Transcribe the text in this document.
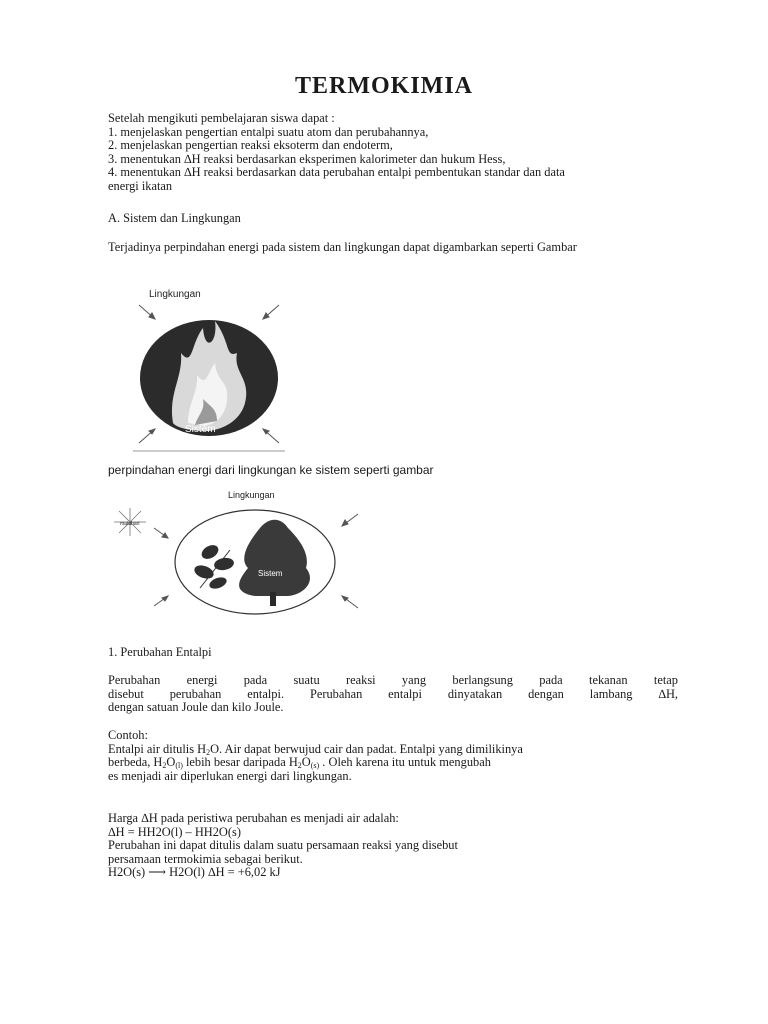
TERMOKIMIA
Setelah mengikuti pembelajaran siswa dapat :
1. menjelaskan pengertian entalpi suatu atom dan perubahannya,
2. menjelaskan pengertian reaksi eksoterm dan endoterm,
3. menentukan ∆H reaksi berdasarkan eksperimen kalorimeter dan hukum Hess,
4. menentukan ∆H reaksi berdasarkan data perubahan entalpi pembentukan standar dan data
energi ikatan
A. Sistem dan Lingkungan
Terjadinya perpindahan energi pada sistem dan lingkungan dapat digambarkan seperti Gambar
Lingkungan
Sistem
perpindahan energi dari lingkungan ke sistem seperti gambar
Lingkungan
matahari
Sistem
1. Perubahan Entalpi
Perubahan energi pada suatu reaksi yang berlangsung pada tekanan tetap
disebut perubahan entalpi. Perubahan entalpi dinyatakan dengan lambang ∆H,
dengan satuan Joule dan kilo Joule.
Contoh:
Entalpi air ditulis $H_2O$. Air dapat berwujud cair dan padat. Entalpi yang dimilikinya
berbeda, $H_2O_{(l)}$ lebih besar daripada $H_2O_{(s)}$ . Oleh karena itu untuk mengubah
es menjadi air diperlukan energi dari lingkungan.
Harga ∆H pada peristiwa perubahan es menjadi air adalah:
∆H = HH2O(l) – HH2O(s)
Perubahan ini dapat ditulis dalam suatu persamaan reaksi yang disebut
persamaan termokimia sebagai berikut.
H2O(s) ⟶ H2O(l) ∆H = +6,02 kJ
